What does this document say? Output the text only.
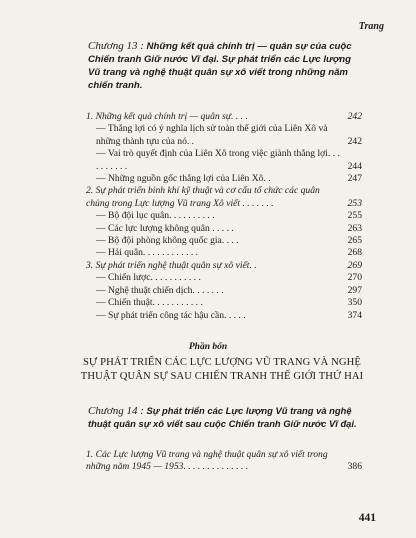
Trang
Chương 13 : Những kết quả chính trị — quân sự của cuộc Chiến tranh Giữ nước Vĩ đại. Sự phát triển các Lực lượng Vũ trang và nghệ thuật quân sự xô viết trong những năm chiến tranh.
1. Những kết quả chính trị — quân sự. . . .	242
— Thắng lợi có ý nghĩa lịch sử toàn thế giới của Liên Xô và những thành tựu của nó. .	242
— Vai trò quyết định của Liên Xô trong việc giành thắng lợi. . . . . . . . . .	244
— Những nguồn gốc thắng lợi của Liên Xô. .	247
2. Sự phát triển binh khí kỹ thuật và cơ cấu tổ chức các quân chủng trong Lực lượng Vũ trang Xô viết . . . . . . .	253
— Bộ đội lục quân. . . . . . . . . .	255
— Các lực lượng không quân . . . . .	263
— Bộ đội phòng không quốc gia. . . .	265
— Hải quân. . . . . . . . . . . .	268
3. Sự phát triển nghệ thuật quân sự xô viết. .	269
— Chiến lược. . . . . . . . . . .	270
— Nghệ thuật chiến dịch. . . . . . .	297
— Chiến thuật. . . . . . . . . . .	350
— Sự phát triển công tác hậu cần. . . . .	374
Phần bốn
SỰ PHÁT TRIỂN CÁC LỰC LƯỢNG VŨ TRANG VÀ NGHỆ THUẬT QUÂN SỰ SAU CHIẾN TRANH THẾ GIỚI THỨ HAI
Chương 14 : Sự phát triển các Lực lượng Vũ trang và nghệ thuật quân sự xô viết sau cuộc Chiến tranh Giữ nước Vĩ đại.
1. Các Lực lượng Vũ trang và nghệ thuật quân sự xô viết trong những năm 1945 — 1953. . . . . . . . . . . . . .	386
441
